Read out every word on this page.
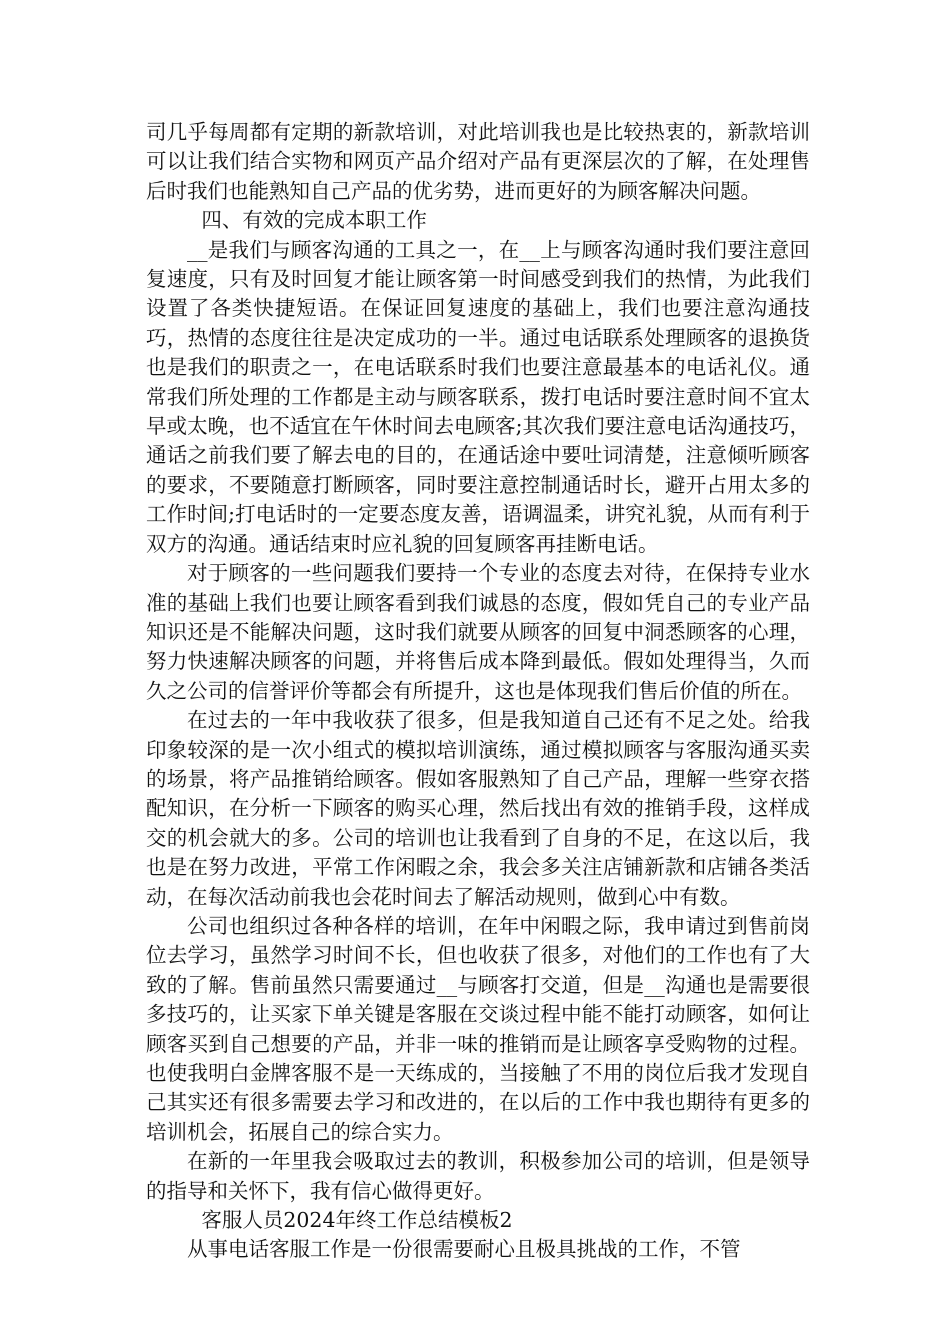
司几乎每周都有定期的新款培训，对此培训我也是比较热衷的，新款培训可以让我们结合实物和网页产品介绍对产品有更深层次的了解，在处理售后时我们也能熟知自己产品的优劣势，进而更好的为顾客解决问题。

四、有效的完成本职工作

__是我们与顾客沟通的工具之一，在__上与顾客沟通时我们要注意回复速度，只有及时回复才能让顾客第一时间感受到我们的热情，为此我们设置了各类快捷短语。在保证回复速度的基础上，我们也要注意沟通技巧，热情的态度往往是决定成功的一半。通过电话联系处理顾客的退换货也是我们的职责之一，在电话联系时我们也要注意最基本的电话礼仪。通常我们所处理的工作都是主动与顾客联系，拨打电话时要注意时间不宜太早或太晚，也不适宜在午休时间去电顾客;其次我们要注意电话沟通技巧，通话之前我们要了解去电的目的，在通话途中要吐词清楚，注意倾听顾客的要求，不要随意打断顾客，同时要注意控制通话时长，避开占用太多的工作时间;打电话时的一定要态度友善，语调温柔，讲究礼貌，从而有利于双方的沟通。通话结束时应礼貌的回复顾客再挂断电话。

对于顾客的一些问题我们要持一个专业的态度去对待，在保持专业水准的基础上我们也要让顾客看到我们诚恳的态度，假如凭自己的专业产品知识还是不能解决问题，这时我们就要从顾客的回复中洞悉顾客的心理，努力快速解决顾客的问题，并将售后成本降到最低。假如处理得当，久而久之公司的信誉评价等都会有所提升，这也是体现我们售后价值的所在。

在过去的一年中我收获了很多，但是我知道自己还有不足之处。给我印象较深的是一次小组式的模拟培训演练，通过模拟顾客与客服沟通买卖的场景，将产品推销给顾客。假如客服熟知了自己产品，理解一些穿衣搭配知识，在分析一下顾客的购买心理，然后找出有效的推销手段，这样成交的机会就大的多。公司的培训也让我看到了自身的不足，在这以后，我也是在努力改进，平常工作闲暇之余，我会多关注店铺新款和店铺各类活动，在每次活动前我也会花时间去了解活动规则，做到心中有数。

公司也组织过各种各样的培训，在年中闲暇之际，我申请过到售前岗位去学习，虽然学习时间不长，但也收获了很多，对他们的工作也有了大致的了解。售前虽然只需要通过__与顾客打交道，但是__沟通也是需要很多技巧的，让买家下单关键是客服在交谈过程中能不能打动顾客，如何让顾客买到自己想要的产品，并非一味的推销而是让顾客享受购物的过程。也使我明白金牌客服不是一天练成的，当接触了不用的岗位后我才发现自己其实还有很多需要去学习和改进的，在以后的工作中我也期待有更多的培训机会，拓展自己的综合实力。

在新的一年里我会吸取过去的教训，积极参加公司的培训，但是领导的指导和关怀下，我有信心做得更好。

客服人员2024年终工作总结模板2

从事电话客服工作是一份很需要耐心且极具挑战的工作，不管
